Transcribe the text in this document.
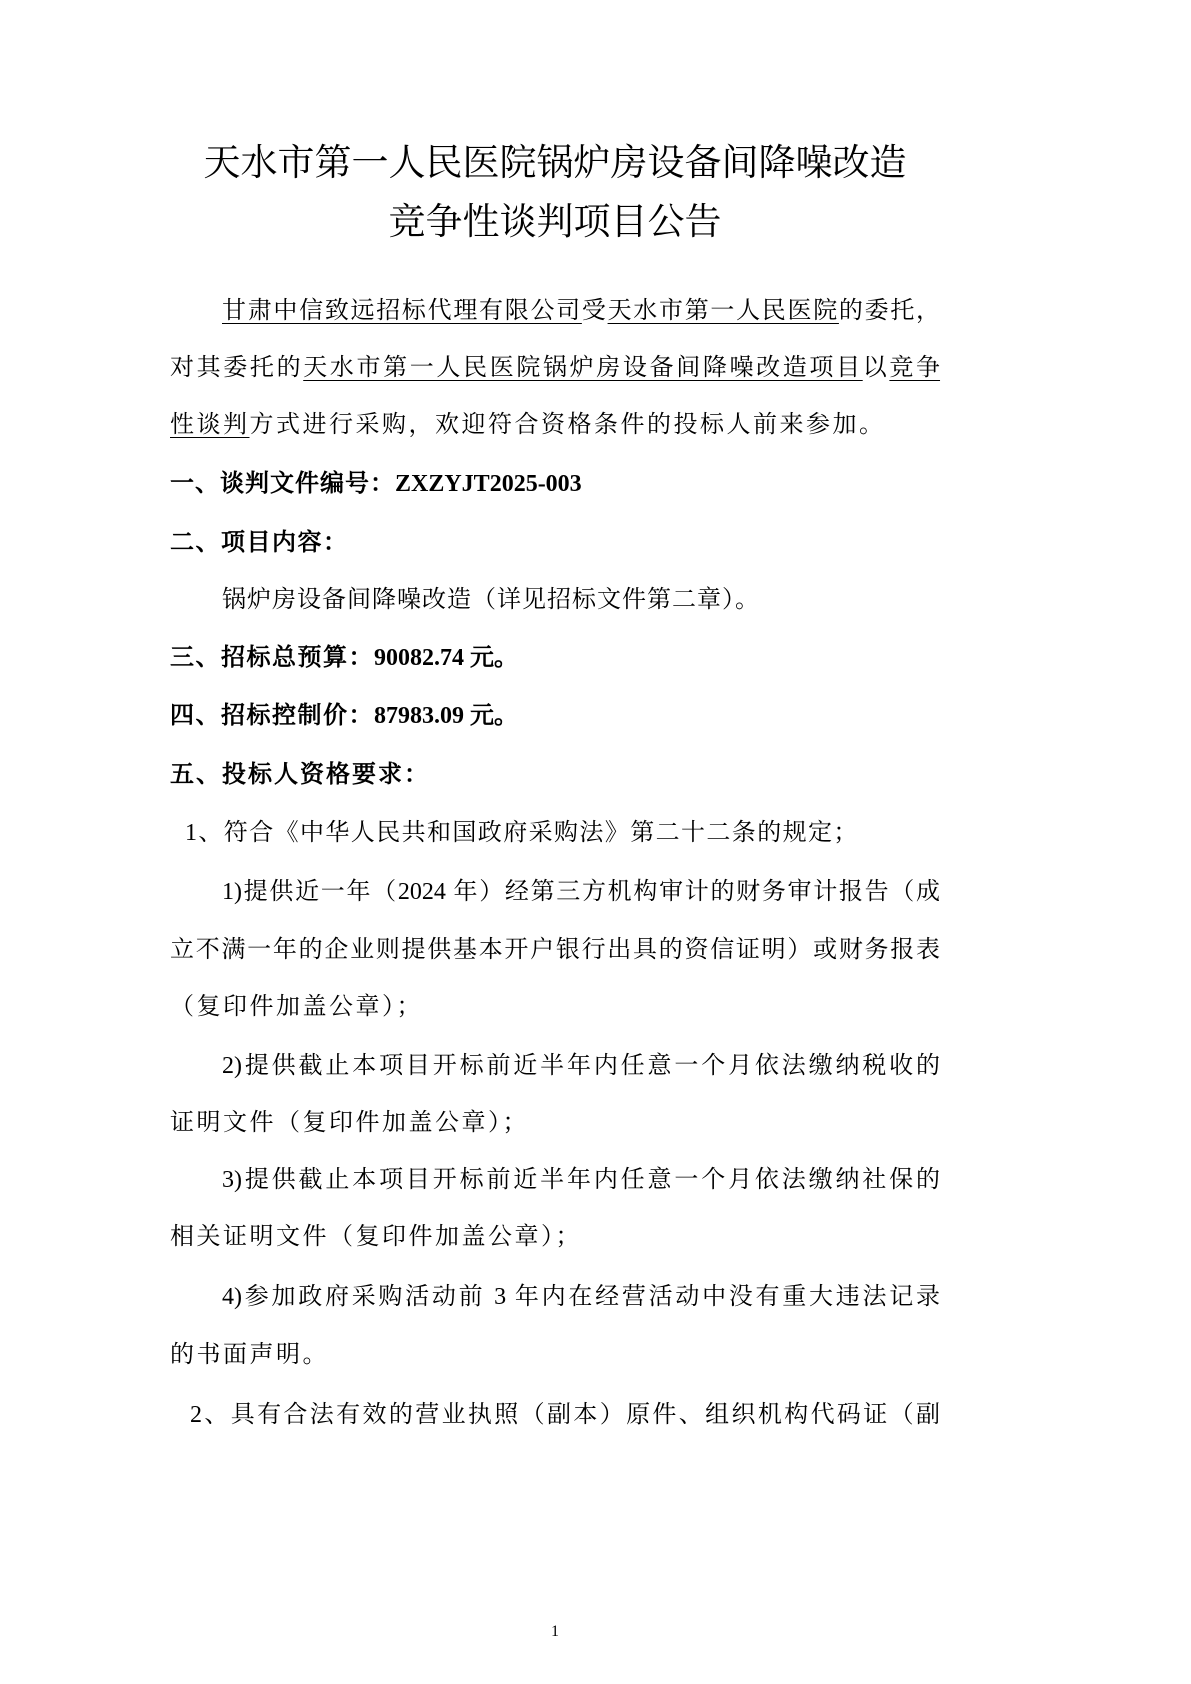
天水市第一人民医院锅炉房设备间降噪改造
竞争性谈判项目公告
甘肃中信致远招标代理有限公司受天水市第一人民医院的委托，
对其委托的天水市第一人民医院锅炉房设备间降噪改造项目以竞争
性谈判方式进行采购，欢迎符合资格条件的投标人前来参加。
一、谈判文件编号：ZXZYJT2025-003
二、项目内容：
锅炉房设备间降噪改造（详见招标文件第二章）。
三、招标总预算：90082.74 元。
四、招标控制价：87983.09 元。
五、投标人资格要求：
1、符合《中华人民共和国政府采购法》第二十二条的规定；
1)提供近一年（2024 年）经第三方机构审计的财务审计报告（成
立不满一年的企业则提供基本开户银行出具的资信证明）或财务报表
（复印件加盖公章）；
2)提供截止本项目开标前近半年内任意一个月依法缴纳税收的
证明文件（复印件加盖公章）；
3)提供截止本项目开标前近半年内任意一个月依法缴纳社保的
相关证明文件（复印件加盖公章）；
4)参加政府采购活动前 3 年内在经营活动中没有重大违法记录
的书面声明。
2、具有合法有效的营业执照（副本）原件、组织机构代码证（副
1
